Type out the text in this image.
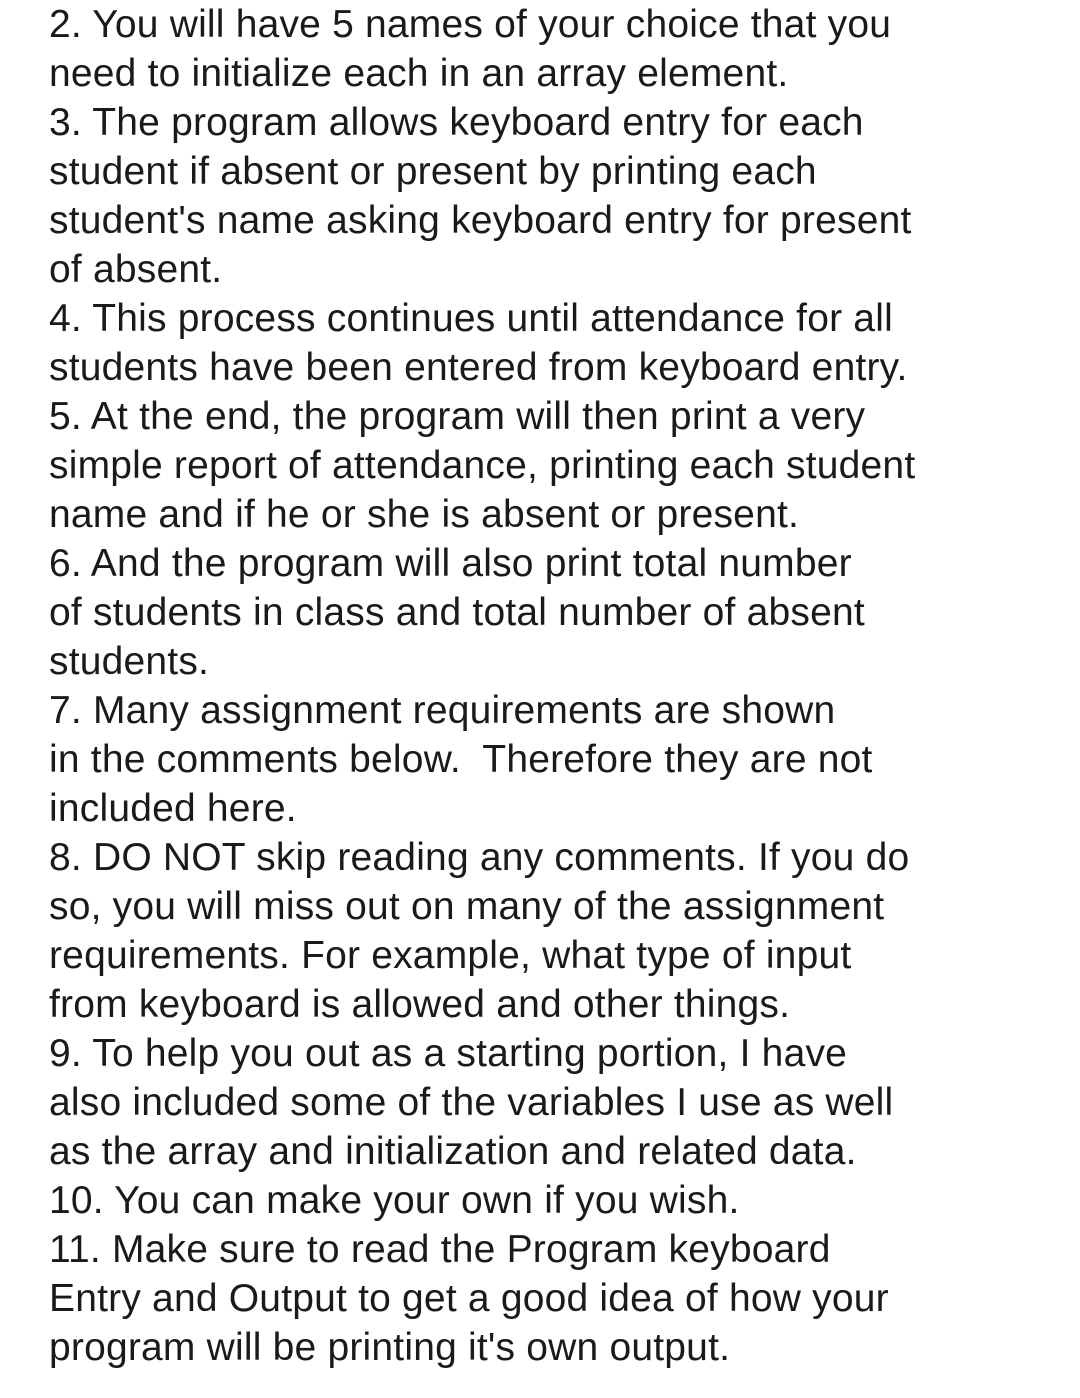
2. You will have 5 names of your choice that you
need to initialize each in an array element.
3. The program allows keyboard entry for each
student if absent or present by printing each
student's name asking keyboard entry for present
of absent.
4. This process continues until attendance for all
students have been entered from keyboard entry.
5. At the end, the program will then print a very
simple report of attendance, printing each student
name and if he or she is absent or present.
6. And the program will also print total number
of students in class and total number of absent
students.
7. Many assignment requirements are shown
in the comments below.  Therefore they are not
included here.
8. DO NOT skip reading any comments. If you do
so, you will miss out on many of the assignment
requirements. For example, what type of input
from keyboard is allowed and other things.
9. To help you out as a starting portion, I have
also included some of the variables I use as well
as the array and initialization and related data.
10. You can make your own if you wish.
11. Make sure to read the Program keyboard
Entry and Output to get a good idea of how your
program will be printing it's own output.
